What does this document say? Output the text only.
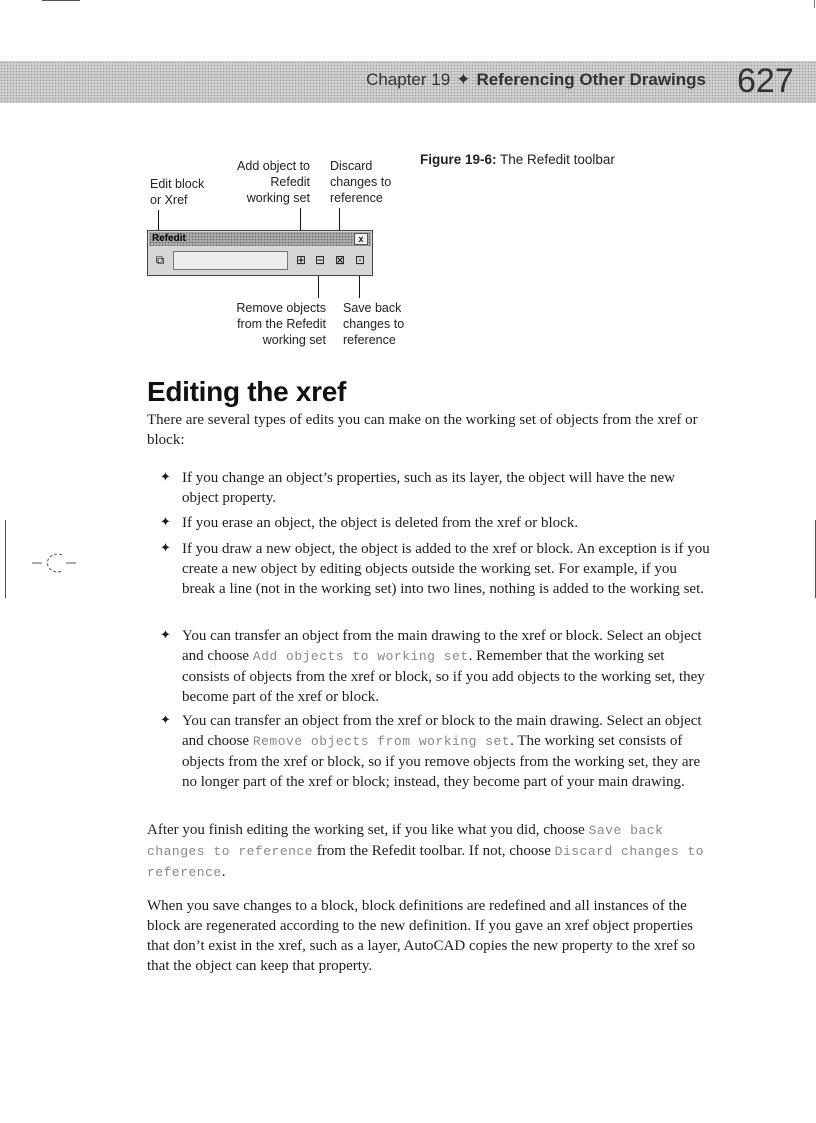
Chapter 19 ✦ Referencing Other Drawings 627
Edit block
or Xref
Add object to
Refedit
working set
Discard
changes to
reference
Remove objects
from the Refedit
working set
Save back
changes to
reference
Refedit	x
⧉	⊞ ⊟ ⊠ ⊡
Figure 19-6: The Refedit toolbar
Editing the xref

There are several types of edits you can make on the working set of objects from the xref or block:

✦ If you change an object’s properties, such as its layer, the object will have the new object property.
✦ If you erase an object, the object is deleted from the xref or block.
✦ If you draw a new object, the object is added to the xref or block. An exception is if you create a new object by editing objects outside the working set. For example, if you break a line (not in the working set) into two lines, nothing is added to the working set.
✦ You can transfer an object from the main drawing to the xref or block. Select an object and choose Add objects to working set. Remember that the working set consists of objects from the xref or block, so if you add objects to the working set, they become part of the xref or block.
✦ You can transfer an object from the xref or block to the main drawing. Select an object and choose Remove objects from working set. The working set consists of objects from the xref or block, so if you remove objects from the working set, they are no longer part of the xref or block; instead, they become part of your main drawing.

After you finish editing the working set, if you like what you did, choose Save back changes to reference from the Refedit toolbar. If not, choose Discard changes to reference.

When you save changes to a block, block definitions are redefined and all instances of the block are regenerated according to the new definition. If you gave an xref object properties that don’t exist in the xref, such as a layer, AutoCAD copies the new property to the xref so that the object can keep that property.
